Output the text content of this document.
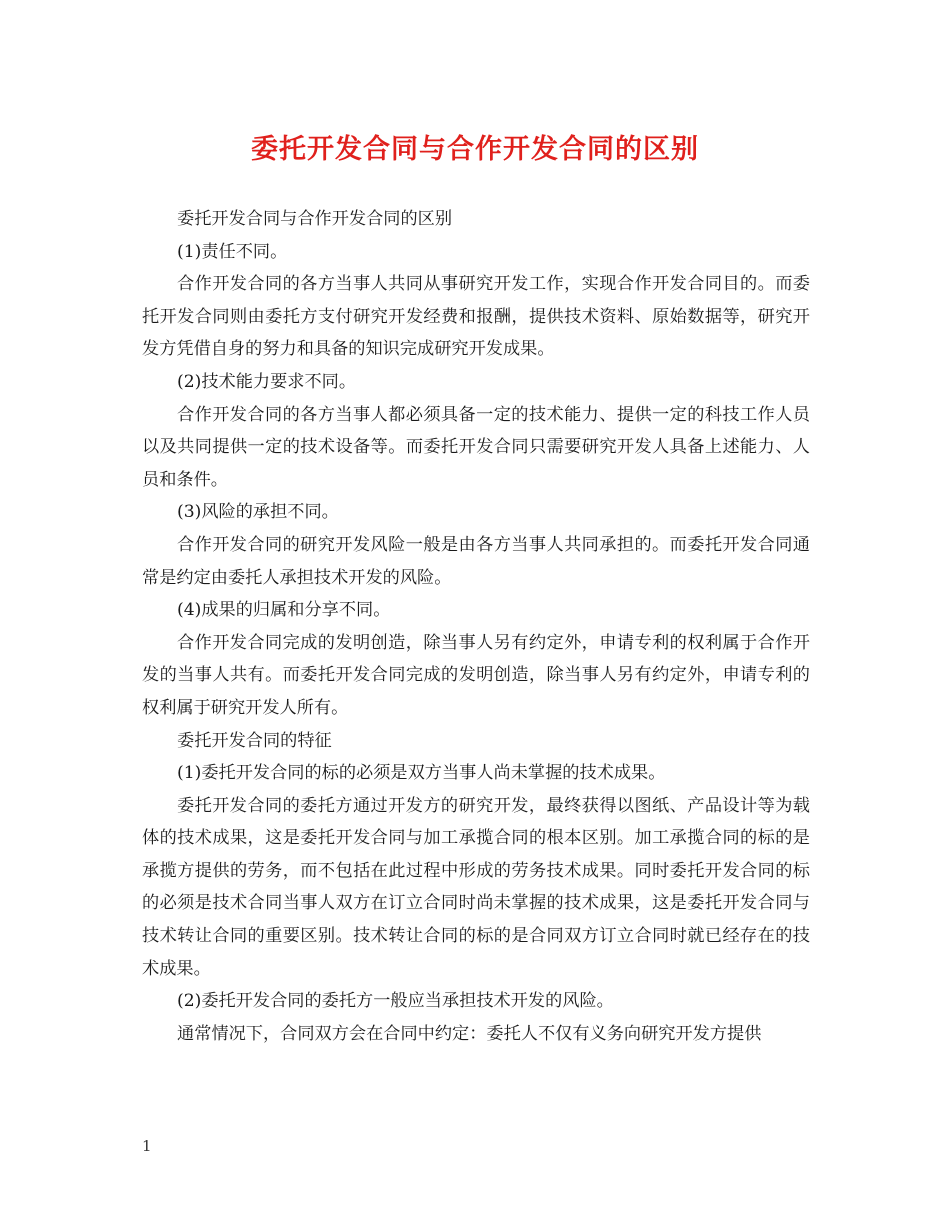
委托开发合同与合作开发合同的区别

委托开发合同与合作开发合同的区别

(1)责任不同。

合作开发合同的各方当事人共同从事研究开发工作，实现合作开发合同目的。而委托开发合同则由委托方支付研究开发经费和报酬，提供技术资料、原始数据等，研究开发方凭借自身的努力和具备的知识完成研究开发成果。

(2)技术能力要求不同。

合作开发合同的各方当事人都必须具备一定的技术能力、提供一定的科技工作人员以及共同提供一定的技术设备等。而委托开发合同只需要研究开发人具备上述能力、人员和条件。

(3)风险的承担不同。

合作开发合同的研究开发风险一般是由各方当事人共同承担的。而委托开发合同通常是约定由委托人承担技术开发的风险。

(4)成果的归属和分享不同。

合作开发合同完成的发明创造，除当事人另有约定外，申请专利的权利属于合作开发的当事人共有。而委托开发合同完成的发明创造，除当事人另有约定外，申请专利的权利属于研究开发人所有。

委托开发合同的特征

(1)委托开发合同的标的必须是双方当事人尚未掌握的技术成果。

委托开发合同的委托方通过开发方的研究开发，最终获得以图纸、产品设计等为载体的技术成果，这是委托开发合同与加工承揽合同的根本区别。加工承揽合同的标的是承揽方提供的劳务，而不包括在此过程中形成的劳务技术成果。同时委托开发合同的标的必须是技术合同当事人双方在订立合同时尚未掌握的技术成果，这是委托开发合同与技术转让合同的重要区别。技术转让合同的标的是合同双方订立合同时就已经存在的技术成果。

(2)委托开发合同的委托方一般应当承担技术开发的风险。

通常情况下，合同双方会在合同中约定：委托人不仅有义务向研究开发方提供

1
